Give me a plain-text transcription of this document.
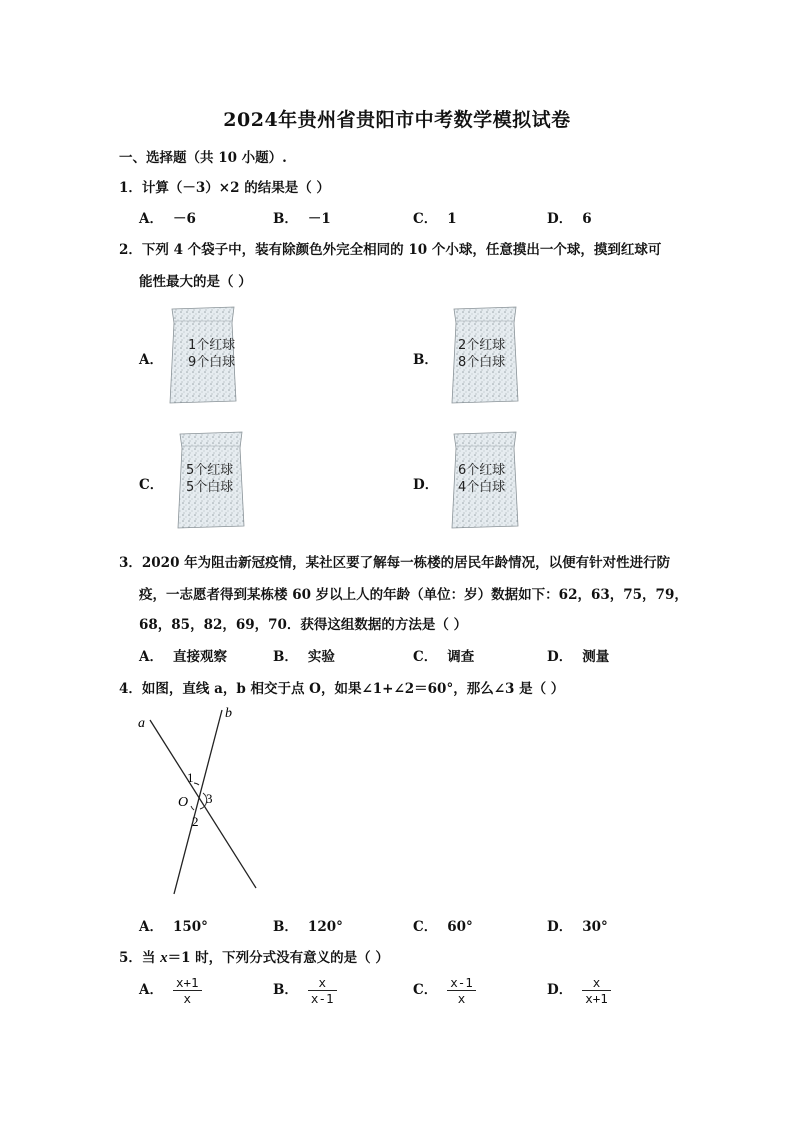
2024年贵州省贵阳市中考数学模拟试卷
一、选择题（共 10 小题）.
1．计算（－3）×2 的结果是（ ）
A． －6	B． －1	C． 1	D． 6
2．下列 4 个袋子中，装有除颜色外完全相同的 10 个小球，任意摸出一个球，摸到红球可
能性最大的是（ ）
A．
1个红球
9个白球	B．
2个红球
8个白球
C．
5个红球
5个白球	D．
6个红球
4个白球
3．2020 年为阻击新冠疫情，某社区要了解每一栋楼的居民年龄情况，以便有针对性进行防
疫，一志愿者得到某栋楼 60 岁以上人的年龄（单位：岁）数据如下：62，63，75，79，
68，85，82，69，70．获得这组数据的方法是（ ）
A． 直接观察	B． 实验	C． 调查	D． 测量
4．如图，直线 a，b 相交于点 O，如果∠1+∠2＝60°，那么∠3 是（ ）
a
b
O
1
2
3
A． 150°	B． 120°	C． 60°	D． 30°
5．当 x＝1 时，下列分式没有意义的是（ ）
A． $\frac{x+1}{x}$	B． $\frac{x}{x-1}$	C． $\frac{x-1}{x}$	D． $\frac{x}{x+1}$
